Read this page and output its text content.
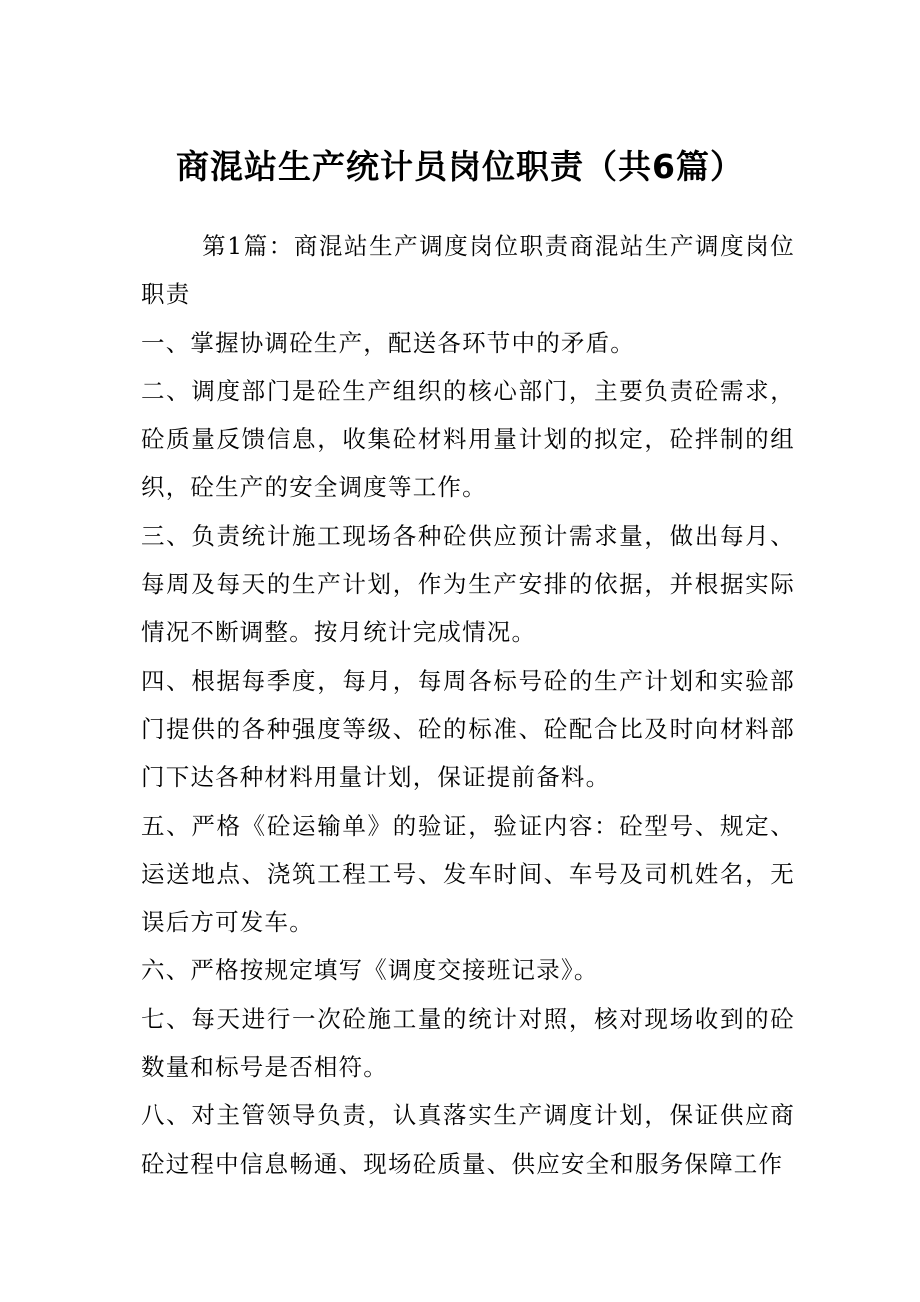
商混站生产统计员岗位职责（共6篇）

第1篇：商混站生产调度岗位职责商混站生产调度岗位职责

一、掌握协调砼生产，配送各环节中的矛盾。

二、调度部门是砼生产组织的核心部门，主要负责砼需求，砼质量反馈信息，收集砼材料用量计划的拟定，砼拌制的组织，砼生产的安全调度等工作。

三、负责统计施工现场各种砼供应预计需求量，做出每月、每周及每天的生产计划，作为生产安排的依据，并根据实际情况不断调整。按月统计完成情况。

四、根据每季度，每月，每周各标号砼的生产计划和实验部门提供的各种强度等级、砼的标准、砼配合比及时向材料部门下达各种材料用量计划，保证提前备料。

五、严格《砼运输单》的验证，验证内容：砼型号、规定、运送地点、浇筑工程工号、发车时间、车号及司机姓名，无误后方可发车。

六、严格按规定填写《调度交接班记录》。

七、每天进行一次砼施工量的统计对照，核对现场收到的砼数量和标号是否相符。

八、对主管领导负责，认真落实生产调度计划，保证供应商砼过程中信息畅通、现场砼质量、供应安全和服务保障工作
